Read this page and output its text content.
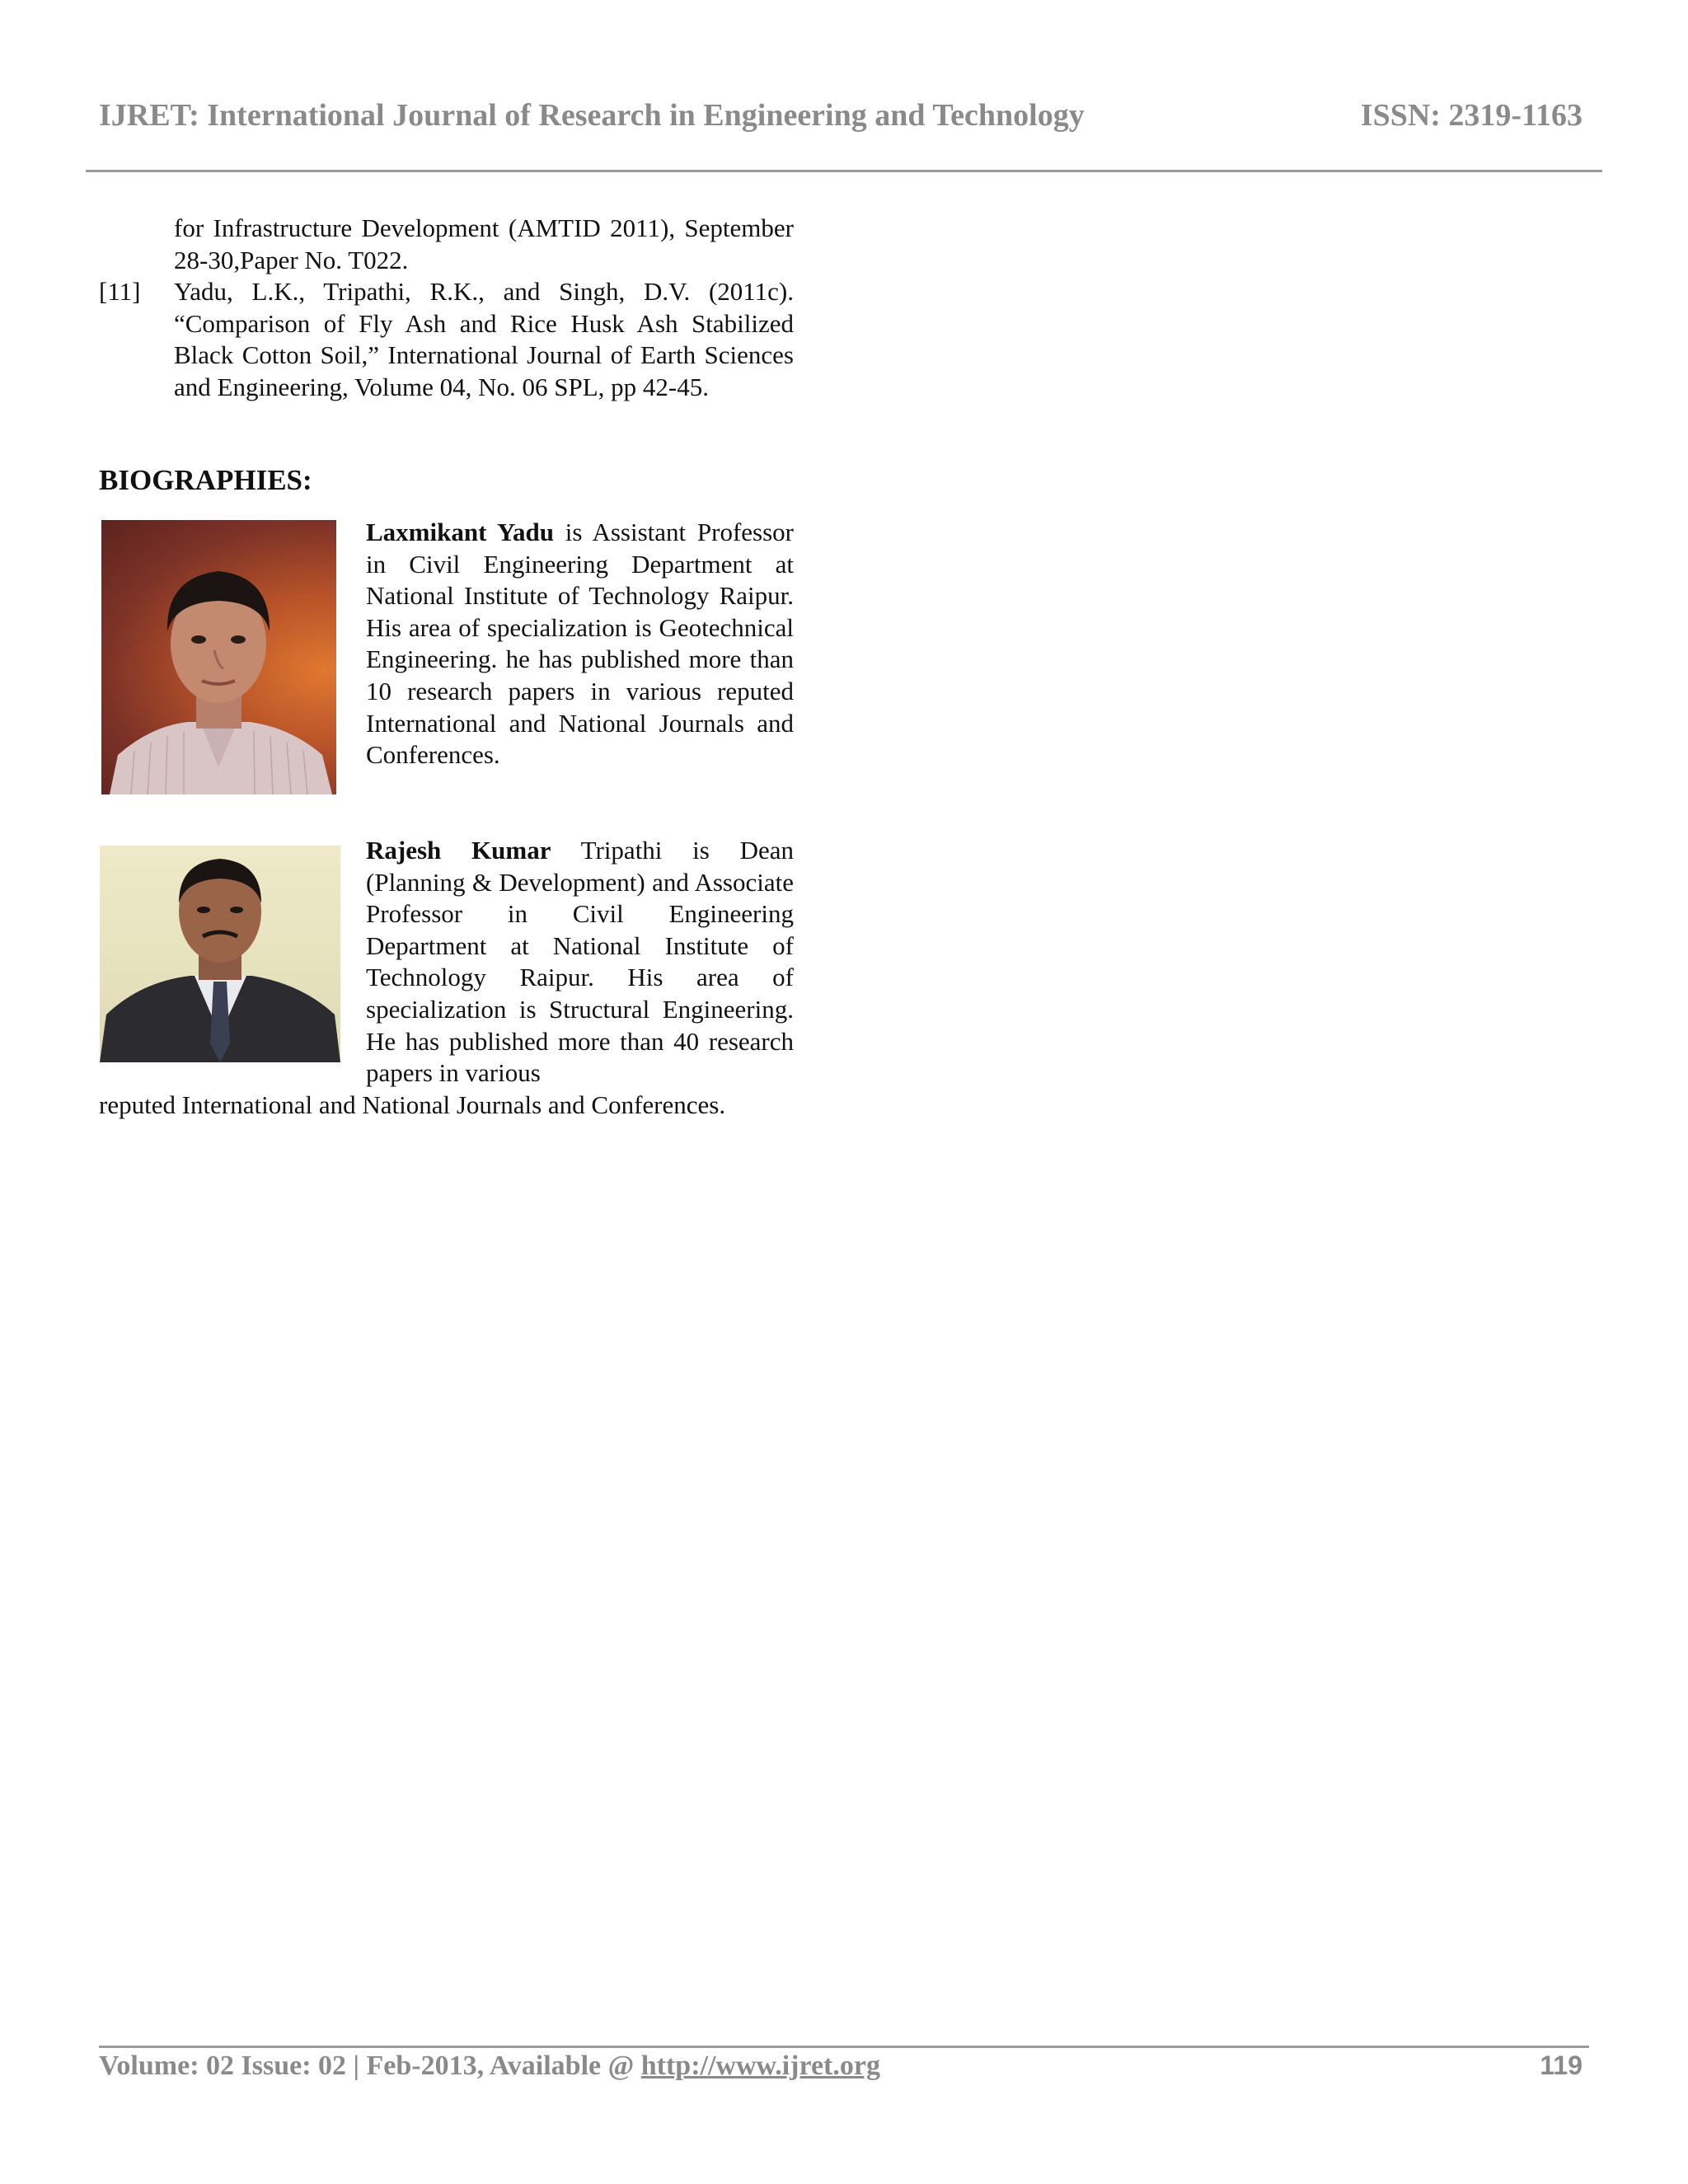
IJRET: International Journal of Research in Engineering and Technology	ISSN: 2319-1163
for Infrastructure Development (AMTID 2011), September 28-30,Paper No. T022.
[11] Yadu, L.K., Tripathi, R.K., and Singh, D.V. (2011c). “Comparison of Fly Ash and Rice Husk Ash Stabilized Black Cotton Soil,” International Journal of Earth Sciences and Engineering, Volume 04, No. 06 SPL, pp 42-45.
BIOGRAPHIES:
Laxmikant Yadu is Assistant Professor in Civil Engineering Department at National Institute of Technology Raipur. His area of specialization is Geotechnical Engineering. he has published more than 10 research papers in various reputed International and National Journals and Conferences.
Rajesh Kumar Tripathi is Dean (Planning & Development) and Associate Professor in Civil Engineering Department at National Institute of Technology Raipur. His area of specialization is Structural Engineering. He has published more than 40 research papers in various
reputed International and National Journals and Conferences.
Volume: 02 Issue: 02 | Feb-2013, Available @ http://www.ijret.org	119
